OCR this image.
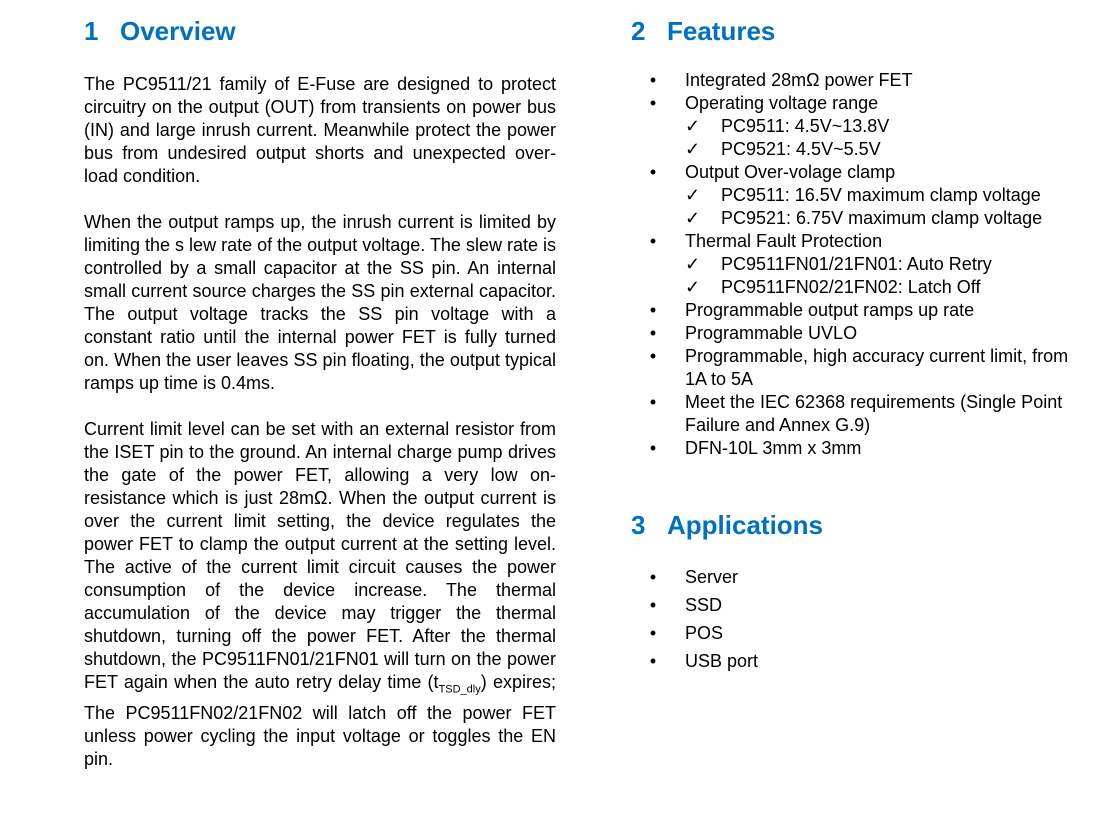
1 Overview

The PC9511/21 family of E-Fuse are designed to protect circuitry on the output (OUT) from transients on power bus (IN) and large inrush current. Meanwhile protect the power bus from undesired output shorts and unexpected over-load condition.

When the output ramps up, the inrush current is limited by limiting the s lew rate of the output voltage. The slew rate is controlled by a small capacitor at the SS pin. An internal small current source charges the SS pin external capacitor. The output voltage tracks the SS pin voltage with a constant ratio until the internal power FET is fully turned on. When the user leaves SS pin floating, the output typical ramps up time is 0.4ms.

Current limit level can be set with an external resistor from the ISET pin to the ground. An internal charge pump drives the gate of the power FET, allowing a very low on-resistance which is just 28mΩ. When the output current is over the current limit setting, the device regulates the power FET to clamp the output current at the setting level. The active of the current limit circuit causes the power consumption of the device increase. The thermal accumulation of the device may trigger the thermal shutdown, turning off the power FET. After the thermal shutdown, the PC9511FN01/21FN01 will turn on the power FET again when the auto retry delay time $(t_{TSD\_dly})$ expires; The PC9511FN02/21FN02 will latch off the power FET unless power cycling the input voltage or toggles the EN pin.

2 Features
• Integrated 28mΩ power FET
• Operating voltage range
✓ PC9511: 4.5V~13.8V
✓ PC9521: 4.5V~5.5V
• Output Over-volage clamp
✓ PC9511: 16.5V maximum clamp voltage
✓ PC9521: 6.75V maximum clamp voltage
• Thermal Fault Protection
✓ PC9511FN01/21FN01: Auto Retry
✓ PC9511FN02/21FN02: Latch Off
• Programmable output ramps up rate
• Programmable UVLO
• Programmable, high accuracy current limit, from 1A to 5A
• Meet the IEC 62368 requirements (Single Point Failure and Annex G.9)
• DFN-10L 3mm x 3mm
3 Applications
• Server
• SSD
• POS
• USB port
